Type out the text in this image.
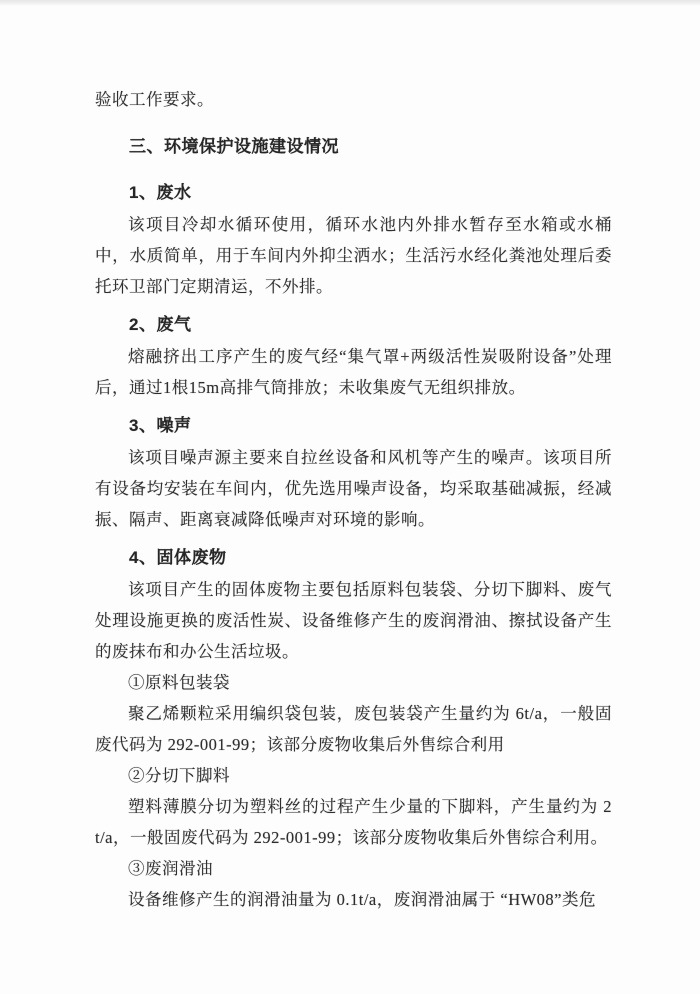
验收工作要求。

三、环境保护设施建设情况
1、废水

该项目冷却水循环使用，循环水池内外排水暂存至水箱或水桶中，水质简单，用于车间内外抑尘洒水；生活污水经化粪池处理后委托环卫部门定期清运，不外排。

2、废气

熔融挤出工序产生的废气经“集气罩+两级活性炭吸附设备”处理后，通过1根15m高排气筒排放；未收集废气无组织排放。

3、噪声

该项目噪声源主要来自拉丝设备和风机等产生的噪声。该项目所有设备均安装在车间内，优先选用噪声设备，均采取基础减振，经减振、隔声、距离衰减降低噪声对环境的影响。

4、固体废物

该项目产生的固体废物主要包括原料包装袋、分切下脚料、废气处理设施更换的废活性炭、设备维修产生的废润滑油、擦拭设备产生的废抹布和办公生活垃圾。

①原料包装袋

聚乙烯颗粒采用编织袋包装，废包装袋产生量约为 6t/a，一般固废代码为 292-001-99；该部分废物收集后外售综合利用

②分切下脚料

塑料薄膜分切为塑料丝的过程产生少量的下脚料，产生量约为 2 t/a，一般固废代码为 292-001-99；该部分废物收集后外售综合利用。

③废润滑油

设备维修产生的润滑油量为 0.1t/a，废润滑油属于 “HW08”类危
